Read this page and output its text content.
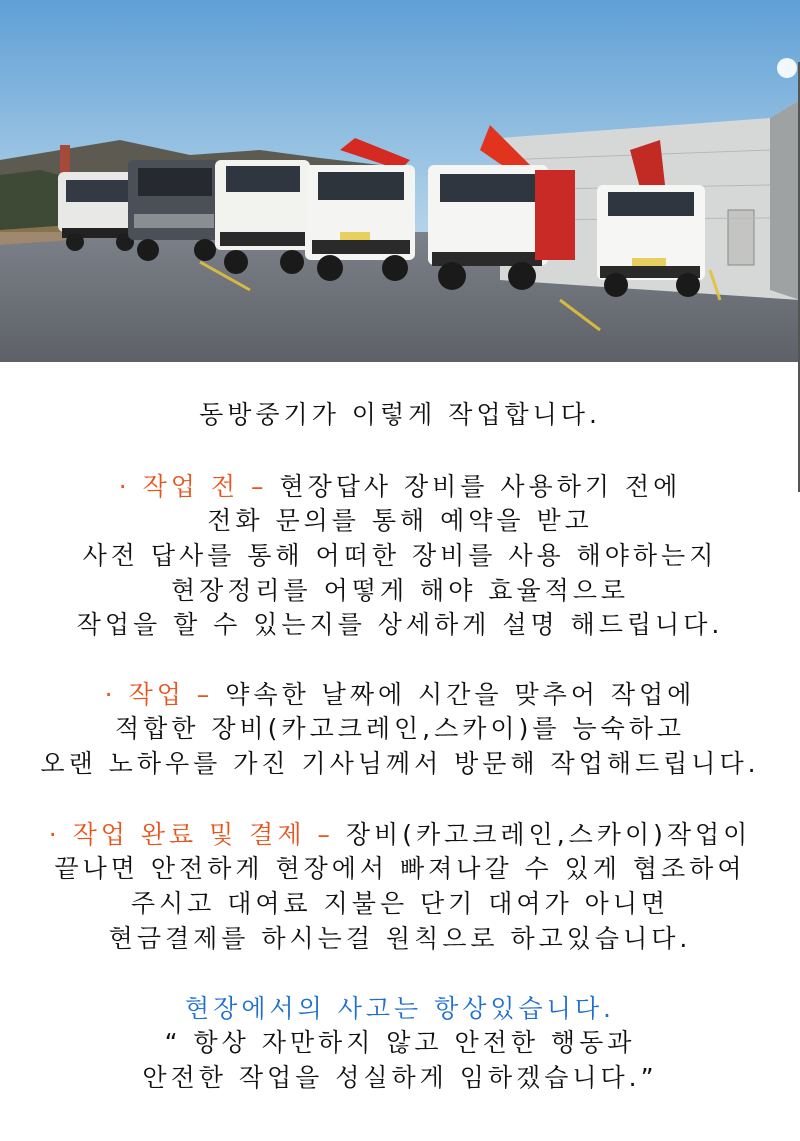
동방중기가 이렇게 작업합니다.
· 작업 전 – 현장답사 장비를 사용하기 전에
전화 문의를 통해 예약을 받고
사전 답사를 통해 어떠한 장비를 사용 해야하는지
현장정리를 어떻게 해야 효율적으로
작업을 할 수 있는지를 상세하게 설명 해드립니다.
· 작업 – 약속한 날짜에 시간을 맞추어 작업에
적합한 장비(카고크레인,스카이)를 능숙하고
오랜 노하우를 가진 기사님께서 방문해 작업해드립니다.
· 작업 완료 및 결제 – 장비(카고크레인,스카이)작업이
끝나면 안전하게 현장에서 빠져나갈 수 있게 협조하여
주시고 대여료 지불은 단기 대여가 아니면
현금결제를 하시는걸 원칙으로 하고있습니다.
현장에서의 사고는 항상있습니다.
“ 항상 자만하지 않고 안전한 행동과
안전한 작업을 성실하게 임하겠습니다.”
